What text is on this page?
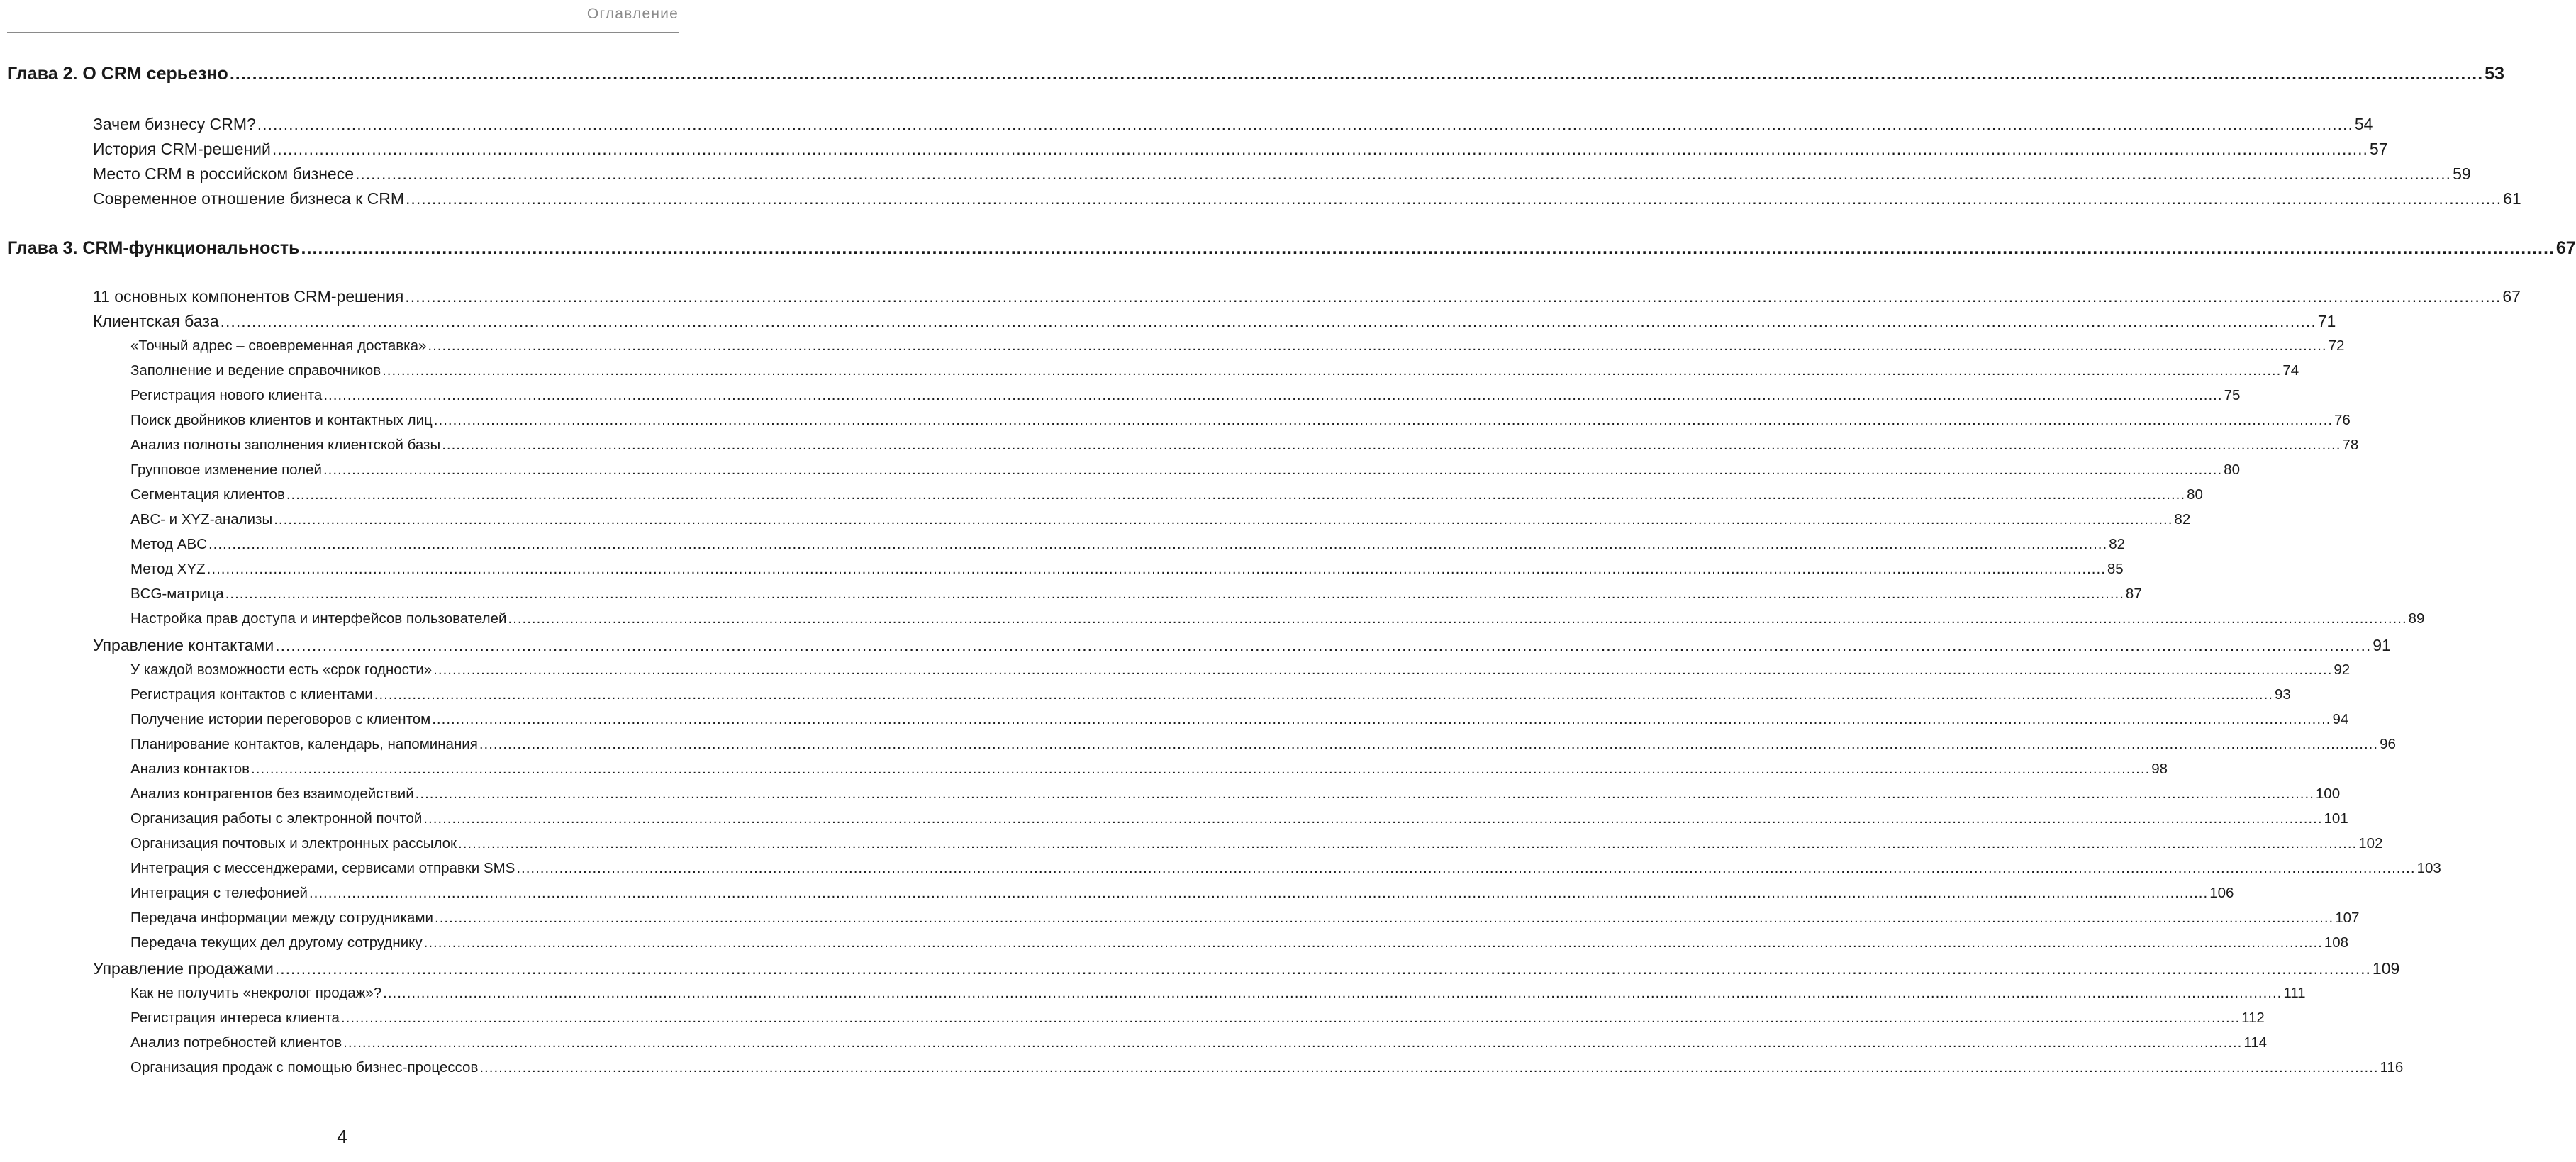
Оглавление
Глава 2. О CRM серьезно ................................................................................................................................................................................................................................................................................................................................................................................................................ 53
Зачем бизнесу CRM? ................................................................................................................................................................................................................................................................................................................................................................................................................ 54
История CRM-решений ................................................................................................................................................................................................................................................................................................................................................................................................................ 57
Место CRM в российском бизнесе ................................................................................................................................................................................................................................................................................................................................................................................................................ 59
Современное отношение бизнеса к CRM ................................................................................................................................................................................................................................................................................................................................................................................................................ 61
Глава 3. CRM-функциональность ................................................................................................................................................................................................................................................................................................................................................................................................................ 67
11 основных компонентов CRM-решения ................................................................................................................................................................................................................................................................................................................................................................................................................ 67
Клиентская база ................................................................................................................................................................................................................................................................................................................................................................................................................ 71
«Точный адрес – своевременная доставка» ................................................................................................................................................................................................................................................................................................................................................................................................................ 72
Заполнение и ведение справочников ................................................................................................................................................................................................................................................................................................................................................................................................................ 74
Регистрация нового клиента ................................................................................................................................................................................................................................................................................................................................................................................................................ 75
Поиск двойников клиентов и контактных лиц ................................................................................................................................................................................................................................................................................................................................................................................................................ 76
Анализ полноты заполнения клиентской базы ................................................................................................................................................................................................................................................................................................................................................................................................................ 78
Групповое изменение полей ................................................................................................................................................................................................................................................................................................................................................................................................................ 80
Сегментация клиентов ................................................................................................................................................................................................................................................................................................................................................................................................................ 80
ABC- и XYZ-анализы ................................................................................................................................................................................................................................................................................................................................................................................................................ 82
Метод ABC ................................................................................................................................................................................................................................................................................................................................................................................................................ 82
Метод XYZ ................................................................................................................................................................................................................................................................................................................................................................................................................ 85
BCG-матрица ................................................................................................................................................................................................................................................................................................................................................................................................................ 87
Настройка прав доступа и интерфейсов пользователей ................................................................................................................................................................................................................................................................................................................................................................................................................ 89
Управление контактами ................................................................................................................................................................................................................................................................................................................................................................................................................ 91
У каждой возможности есть «срок годности» ................................................................................................................................................................................................................................................................................................................................................................................................................ 92
Регистрация контактов с клиентами ................................................................................................................................................................................................................................................................................................................................................................................................................ 93
Получение истории переговоров с клиентом ................................................................................................................................................................................................................................................................................................................................................................................................................ 94
Планирование контактов, календарь, напоминания ................................................................................................................................................................................................................................................................................................................................................................................................................ 96
Анализ контактов ................................................................................................................................................................................................................................................................................................................................................................................................................ 98
Анализ контрагентов без взаимодействий ................................................................................................................................................................................................................................................................................................................................................................................................................ 100
Организация работы с электронной почтой ................................................................................................................................................................................................................................................................................................................................................................................................................ 101
Организация почтовых и электронных рассылок ................................................................................................................................................................................................................................................................................................................................................................................................................ 102
Интеграция с мессенджерами, сервисами отправки SMS ................................................................................................................................................................................................................................................................................................................................................................................................................ 103
Интеграция с телефонией ................................................................................................................................................................................................................................................................................................................................................................................................................ 106
Передача информации между сотрудниками ................................................................................................................................................................................................................................................................................................................................................................................................................ 107
Передача текущих дел другому сотруднику ................................................................................................................................................................................................................................................................................................................................................................................................................ 108
Управление продажами ................................................................................................................................................................................................................................................................................................................................................................................................................ 109
Как не получить «некролог продаж»? ................................................................................................................................................................................................................................................................................................................................................................................................................ 111
Регистрация интереса клиента ................................................................................................................................................................................................................................................................................................................................................................................................................ 112
Анализ потребностей клиентов ................................................................................................................................................................................................................................................................................................................................................................................................................ 114
Организация продаж с помощью бизнес-процессов ................................................................................................................................................................................................................................................................................................................................................................................................................ 116
4
